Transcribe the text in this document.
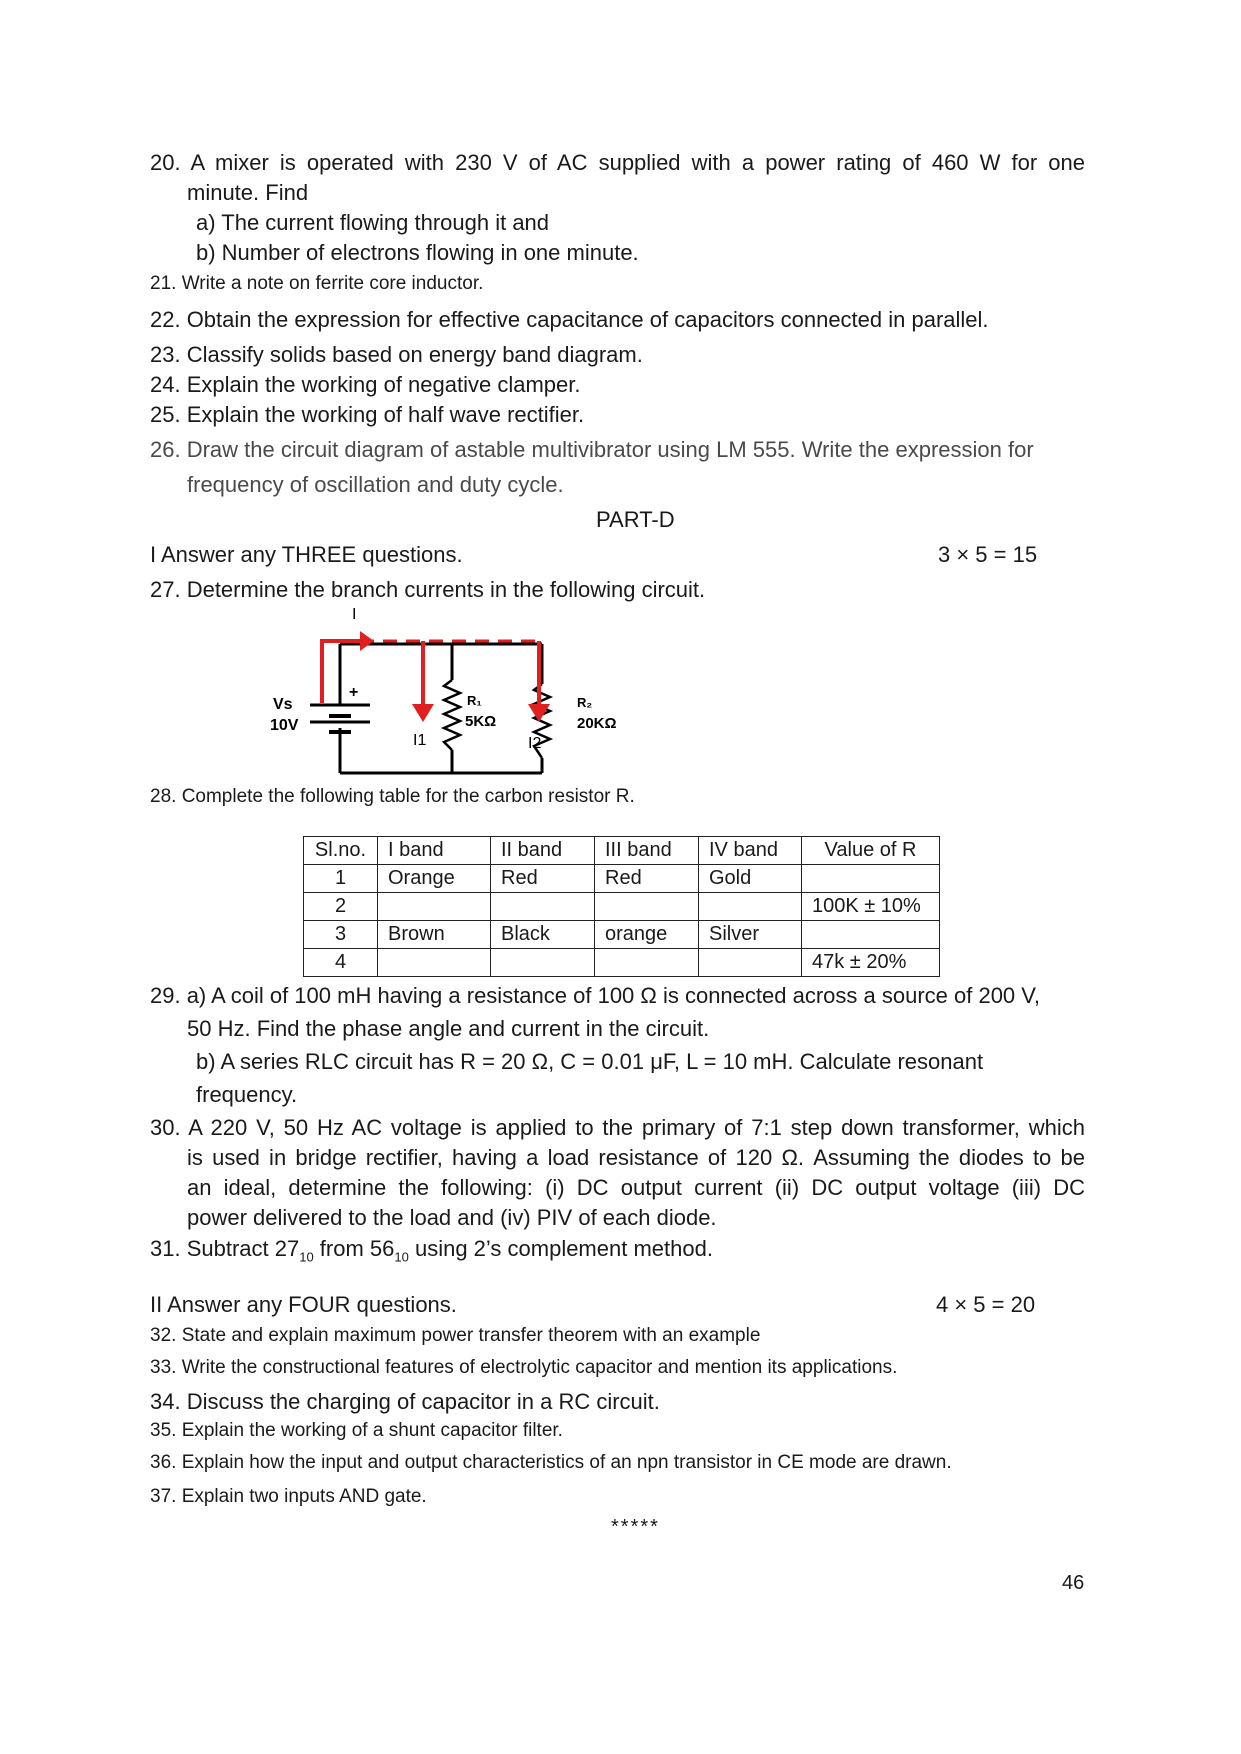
20. A mixer is operated with 230 V of AC supplied with a power rating of 460 W for one
minute. Find
a) The current flowing through it and
b) Number of electrons flowing in one minute.
21. Write a note on ferrite core inductor.
22. Obtain the expression for effective capacitance of capacitors connected in parallel.
23. Classify solids based on energy band diagram.
24. Explain the working of negative clamper.
25. Explain the working of half wave rectifier.
26. Draw the circuit diagram of astable multivibrator using LM 555. Write the expression for
frequency of oscillation and duty cycle.
PART-D
I Answer any THREE questions.	3 × 5 = 15
27. Determine the branch currents in the following circuit.
I
+
Vs
10V
I1	I2
R₁
5KΩ
R₂
20KΩ
28. Complete the following table for the carbon resistor R.
Sl.no.	I band	II band	III band	IV band	Value of R
1	Orange	Red	Red	Gold	
2					100K ± 10%
3	Brown	Black	orange	Silver	
4					47k ± 20%
29. a) A coil of 100 mH having a resistance of 100 Ω is connected across a source of 200 V,
50 Hz. Find the phase angle and current in the circuit.
b) A series RLC circuit has R = 20 Ω, C = 0.01 μF, L = 10 mH. Calculate resonant
frequency.
30. A 220 V, 50 Hz AC voltage is applied to the primary of 7:1 step down transformer, which
is used in bridge rectifier, having a load resistance of 120 Ω. Assuming the diodes to be
an ideal, determine the following: (i) DC output current (ii) DC output voltage (iii) DC
power delivered to the load and (iv) PIV of each diode.
31. Subtract $27_{10}$ from $56_{10}$ using 2’s complement method.
II Answer any FOUR questions.	4 × 5 = 20
32. State and explain maximum power transfer theorem with an example
33. Write the constructional features of electrolytic capacitor and mention its applications.
34. Discuss the charging of capacitor in a RC circuit.
35. Explain the working of a shunt capacitor filter.
36. Explain how the input and output characteristics of an npn transistor in CE mode are drawn.
37. Explain two inputs AND gate.
*****
46
